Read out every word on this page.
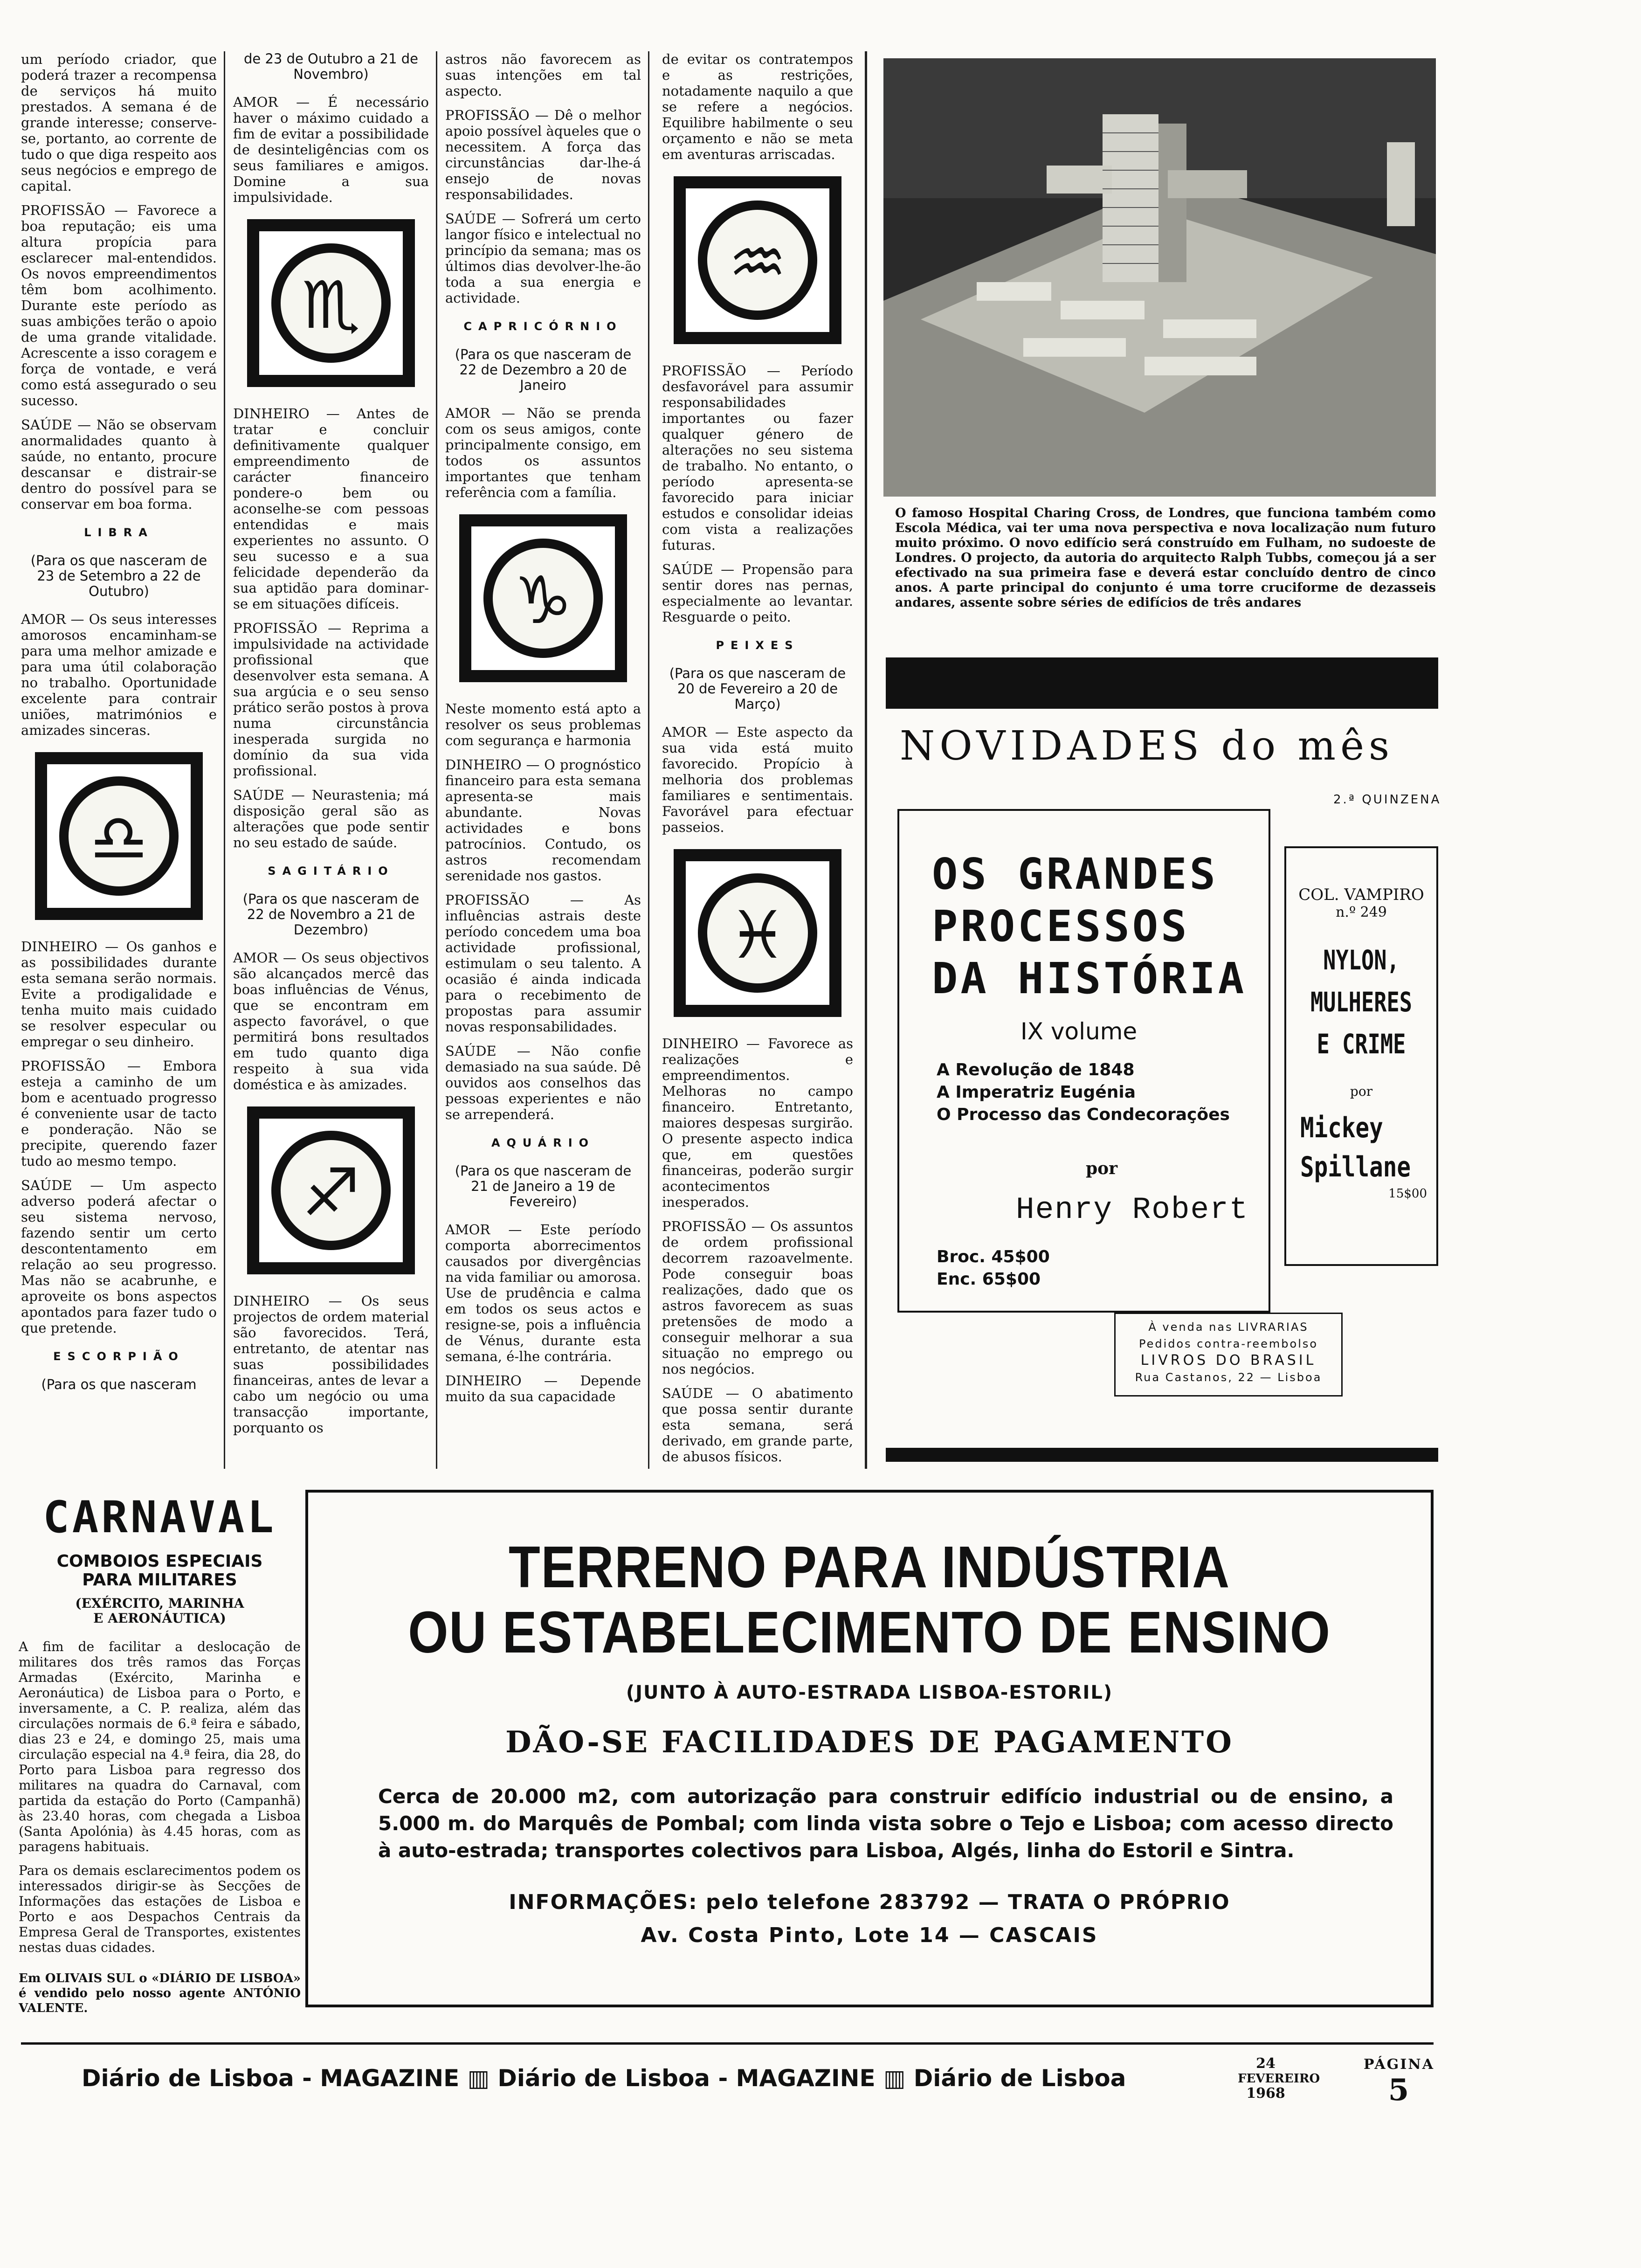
um período criador, que poderá trazer a recompensa de serviços há muito prestados. A semana é de grande interesse; conserve-se, portanto, ao corrente de tudo o que diga respeito aos seus negócios e emprego de capital.

PROFISSÃO — Favorece a boa reputação; eis uma altura propícia para esclarecer mal-entendidos. Os novos empreendimentos têm bom acolhimento. Durante este período as suas ambições terão o apoio de uma grande vitalidade. Acrescente a isso coragem e força de vontade, e verá como está assegurado o seu sucesso.

SAÚDE — Não se observam anormalidades quanto à saúde, no entanto, procure descansar e distrair-se dentro do possível para se conservar em boa forma.

LIBRA
(Para os que nasceram de 23 de Setembro a 22 de Outubro)

AMOR — Os seus interesses amorosos encaminham-se para uma melhor amizade e para uma útil colaboração no trabalho. Oportunidade excelente para contrair uniões, matrimónios e amizades sinceras.

♎

DINHEIRO — Os ganhos e as possibilidades durante esta semana serão normais. Evite a prodigalidade e tenha muito mais cuidado se resolver especular ou empregar o seu dinheiro.

PROFISSÃO — Embora esteja a caminho de um bom e acentuado progresso é conveniente usar de tacto e ponderação. Não se precipite, querendo fazer tudo ao mesmo tempo.

SAÚDE — Um aspecto adverso poderá afectar o seu sistema nervoso, fazendo sentir um certo descontentamento em relação ao seu progresso. Mas não se acabrunhe, e aproveite os bons aspectos apontados para fazer tudo o que pretende.

ESCORPIÃO
(Para os que nasceram
de 23 de Outubro a 21 de Novembro)

AMOR — É necessário haver o máximo cuidado a fim de evitar a possibilidade de desinteligências com os seus familiares e amigos. Domine a sua impulsividade.

♏

DINHEIRO — Antes de tratar e concluir definitivamente qualquer empreendimento de carácter financeiro pondere-o bem ou aconselhe-se com pessoas entendidas e mais experientes no assunto. O seu sucesso e a sua felicidade dependerão da sua aptidão para dominar-se em situações difíceis.

PROFISSÃO — Reprima a impulsividade na actividade profissional que desenvolver esta semana. A sua argúcia e o seu senso prático serão postos à prova numa circunstância inesperada surgida no domínio da sua vida profissional.

SAÚDE — Neurastenia; má disposição geral são as alterações que pode sentir no seu estado de saúde.

SAGITÁRIO
(Para os que nasceram de 22 de Novembro a 21 de Dezembro)

AMOR — Os seus objectivos são alcançados mercê das boas influências de Vénus, que se encontram em aspecto favorável, o que permitirá bons resultados em tudo quanto diga respeito à sua vida doméstica e às amizades.

♐

DINHEIRO — Os seus projectos de ordem material são favorecidos. Terá, entretanto, de atentar nas suas possibilidades financeiras, antes de levar a cabo um negócio ou uma transacção importante, porquanto os

astros não favorecem as suas intenções em tal aspecto.

PROFISSÃO — Dê o melhor apoio possível àqueles que o necessitem. A força das circunstâncias dar-lhe-á ensejo de novas responsabilidades.

SAÚDE — Sofrerá um certo langor físico e intelectual no princípio da semana; mas os últimos dias devolver-lhe-ão toda a sua energia e actividade.

CAPRICÓRNIO
(Para os que nasceram de 22 de Dezembro a 20 de Janeiro

AMOR — Não se prenda com os seus amigos, conte principalmente consigo, em todos os assuntos importantes que tenham referência com a família.

♑

Neste momento está apto a resolver os seus problemas com segurança e harmonia

DINHEIRO — O prognóstico financeiro para esta semana apresenta-se mais abundante. Novas actividades e bons patrocínios. Contudo, os astros recomendam serenidade nos gastos.

PROFISSÃO — As influências astrais deste período concedem uma boa actividade profissional, estimulam o seu talento. A ocasião é ainda indicada para o recebimento de propostas para assumir novas responsabilidades.

SAÚDE — Não confie demasiado na sua saúde. Dê ouvidos aos conselhos das pessoas experientes e não se arrependerá.

AQUÁRIO
(Para os que nasceram de 21 de Janeiro a 19 de Fevereiro)

AMOR — Este período comporta aborrecimentos causados por divergências na vida familiar ou amorosa. Use de prudência e calma em todos os seus actos e resigne-se, pois a influência de Vénus, durante esta semana, é-lhe contrária.

DINHEIRO — Depende muito da sua capacidade

de evitar os contratempos e as restrições, notadamente naquilo a que se refere a negócios. Equilibre habilmente o seu orçamento e não se meta em aventuras arriscadas.

♒

PROFISSÃO — Período desfavorável para assumir responsabilidades importantes ou fazer qualquer género de alterações no seu sistema de trabalho. No entanto, o período apresenta-se favorecido para iniciar estudos e consolidar ideias com vista a realizações futuras.

SAÚDE — Propensão para sentir dores nas pernas, especialmente ao levantar. Resguarde o peito.

PEIXES
(Para os que nasceram de 20 de Fevereiro a 20 de Março)

AMOR — Este aspecto da sua vida está muito favorecido. Propício à melhoria dos problemas familiares e sentimentais. Favorável para efectuar passeios.

♓

DINHEIRO — Favorece as realizações e empreendimentos. Melhoras no campo financeiro. Entretanto, maiores despesas surgirão. O presente aspecto indica que, em questões financeiras, poderão surgir acontecimentos inesperados.

PROFISSÃO — Os assuntos de ordem profissional decorrem razoavelmente. Pode conseguir boas realizações, dado que os astros favorecem as suas pretensões de modo a conseguir melhorar a sua situação no emprego ou nos negócios.

SAÚDE — O abatimento que possa sentir durante esta semana, será derivado, em grande parte, de abusos físicos.

O famoso Hospital Charing Cross, de Londres, que funciona também como Escola Médica, vai ter uma nova perspectiva e nova localização num futuro muito próximo. O novo edifício será construído em Fulham, no sudoeste de Londres. O projecto, da autoria do arquitecto Ralph Tubbs, começou já a ser efectivado na sua primeira fase e deverá estar concluído dentro de cinco anos. A parte principal do conjunto é uma torre cruciforme de dezasseis andares, assente sobre séries de edifícios de três andares
NOVIDADES do mês
2.ª QUINZENA
OS GRANDES
PROCESSOS
DA HISTÓRIA
IX volume
A Revolução de 1848
A Imperatriz Eugénia
O Processo das Condecorações
por
Henry Robert
Broc. 45$00
Enc. 65$00
COL. VAMPIRO
n.º 249
NYLON,
MULHERES
E CRIME
por
Mickey
Spillane
15$00
À venda nas LIVRARIAS
Pedidos contra-reembolso
LIVROS DO BRASIL
Rua Castanos, 22 — Lisboa
CARNAVAL
COMBOIOS ESPECIAIS
PARA MILITARES
(EXÉRCITO, MARINHA
E AERONÁUTICA)

A fim de facilitar a deslocação de militares dos três ramos das Forças Armadas (Exército, Marinha e Aeronáutica) de Lisboa para o Porto, e inversamente, a C. P. realiza, além das circulações normais de 6.ª feira e sábado, dias 23 e 24, e domingo 25, mais uma circulação especial na 4.ª feira, dia 28, do Porto para Lisboa para regresso dos militares na quadra do Carnaval, com partida da estação do Porto (Campanhã) às 23.40 horas, com chegada a Lisboa (Santa Apolónia) às 4.45 horas, com as paragens habituais.

Para os demais esclarecimentos podem os interessados dirigir-se às Secções de Informações das estações de Lisboa e Porto e aos Despachos Centrais da Empresa Geral de Transportes, existentes nestas duas cidades.

Em OLIVAIS SUL o «DIÁRIO DE LISBOA» é vendido pelo nosso agente ANTÓNIO VALENTE.

TERRENO PARA INDÚSTRIA
OU ESTABELECIMENTO DE ENSINO
(JUNTO À AUTO-ESTRADA LISBOA-ESTORIL)
DÃO-SE FACILIDADES DE PAGAMENTO

Cerca de 20.000 m2, com autorização para construir edifício industrial ou de ensino, a 5.000 m. do Marquês de Pombal; com linda vista sobre o Tejo e Lisboa; com acesso directo à auto-estrada; transportes colectivos para Lisboa, Algés, linha do Estoril e Sintra.

INFORMAÇÕES: pelo telefone 283792 — TRATA O PRÓPRIO
Av. Costa Pinto, Lote 14 — CASCAIS
Diário de Lisboa - MAGAZINE ▥ Diário de Lisboa - MAGAZINE ▥ Diário de Lisboa
24
FEVEREIRO
1968
PÁGINA
5
